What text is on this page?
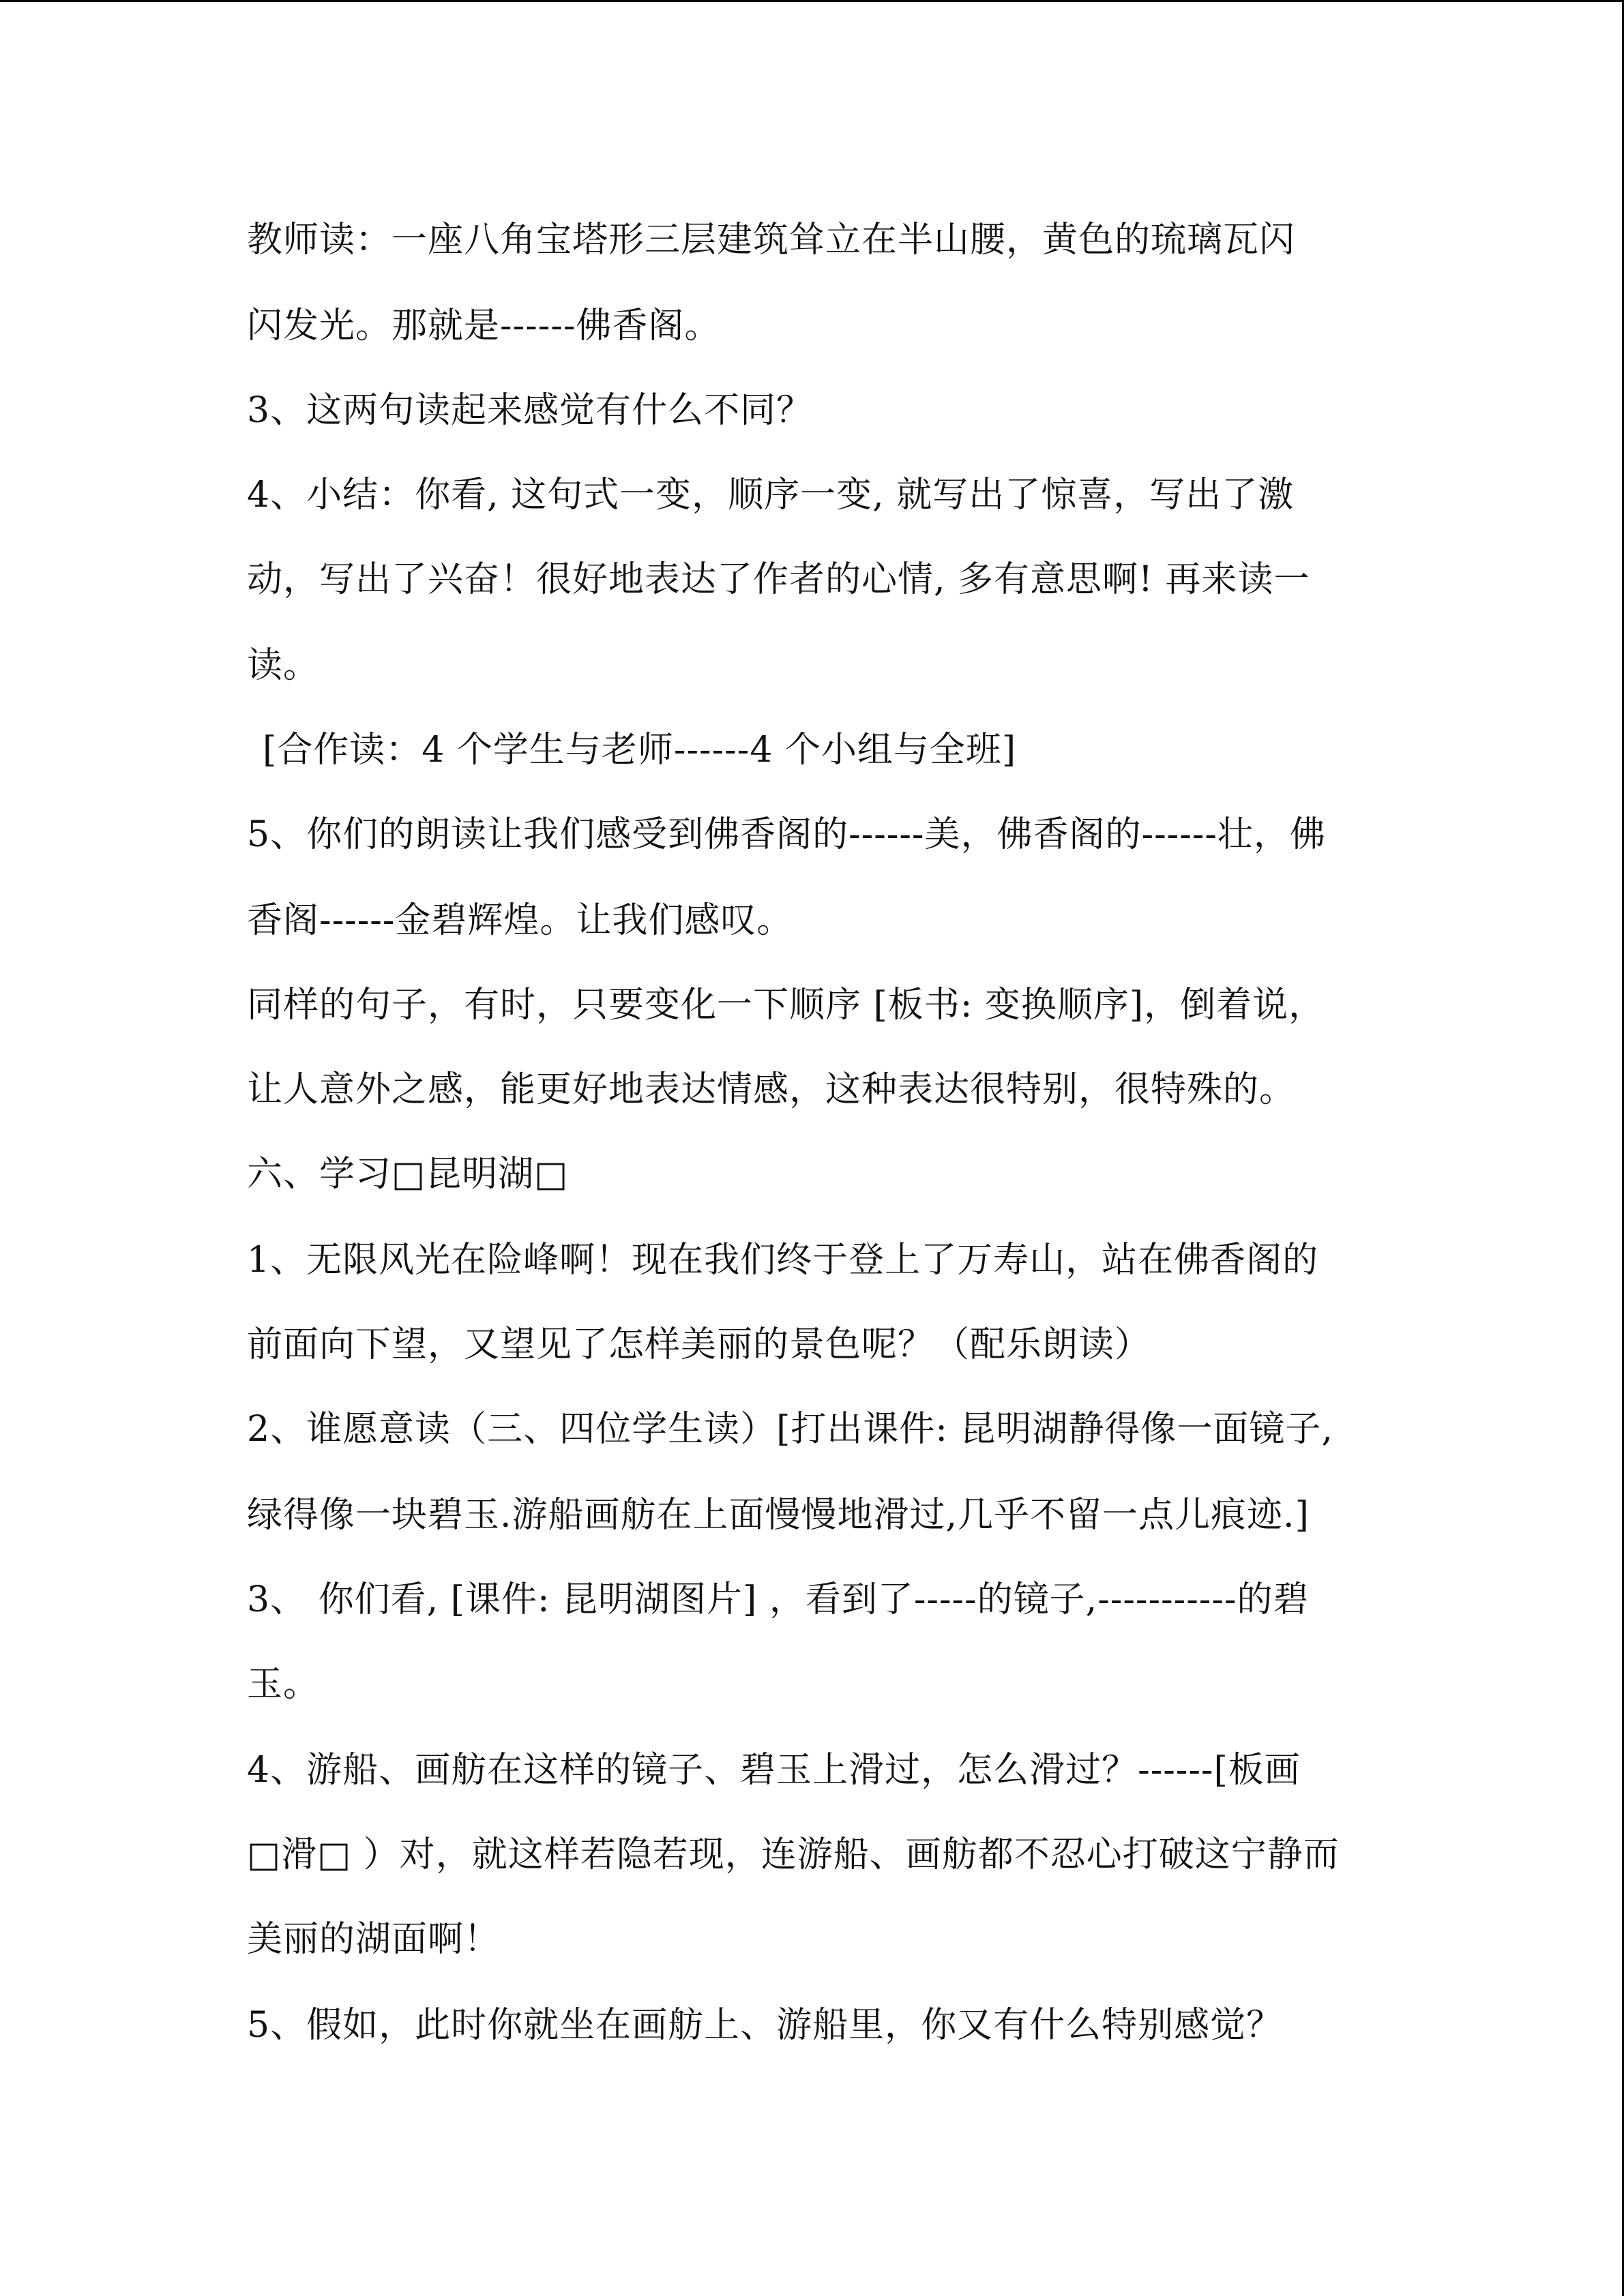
教师读：一座八角宝塔形三层建筑耸立在半山腰，黄色的琉璃瓦闪

闪发光。那就是------佛香阁。

3、这两句读起来感觉有什么不同？

4、小结：你看, 这句式一变，顺序一变, 就写出了惊喜，写出了激

动，写出了兴奋！很好地表达了作者的心情, 多有意思啊! 再来读一

读。

[合作读：4 个学生与老师------4 个小组与全班]

5、你们的朗读让我们感受到佛香阁的------美，佛香阁的------壮，佛

香阁------金碧辉煌。让我们感叹。

同样的句子，有时，只要变化一下顺序 [板书: 变换顺序]，倒着说，

让人意外之感，能更好地表达情感，这种表达很特别，很特殊的。

六、学习□昆明湖□

1、无限风光在险峰啊！现在我们终于登上了万寿山，站在佛香阁的

前面向下望，又望见了怎样美丽的景色呢？（配乐朗读）

2、谁愿意读（三、四位学生读）[打出课件: 昆明湖静得像一面镜子,

绿得像一块碧玉.游船画舫在上面慢慢地滑过,几乎不留一点儿痕迹.]

3、 你们看, [课件: 昆明湖图片] ，看到了-----的镜子,-----------的碧

玉。

4、游船、画舫在这样的镜子、碧玉上滑过，怎么滑过？------[板画

□滑□ ）对，就这样若隐若现，连游船、画舫都不忍心打破这宁静而

美丽的湖面啊！

5、假如，此时你就坐在画舫上、游船里，你又有什么特别感觉？
